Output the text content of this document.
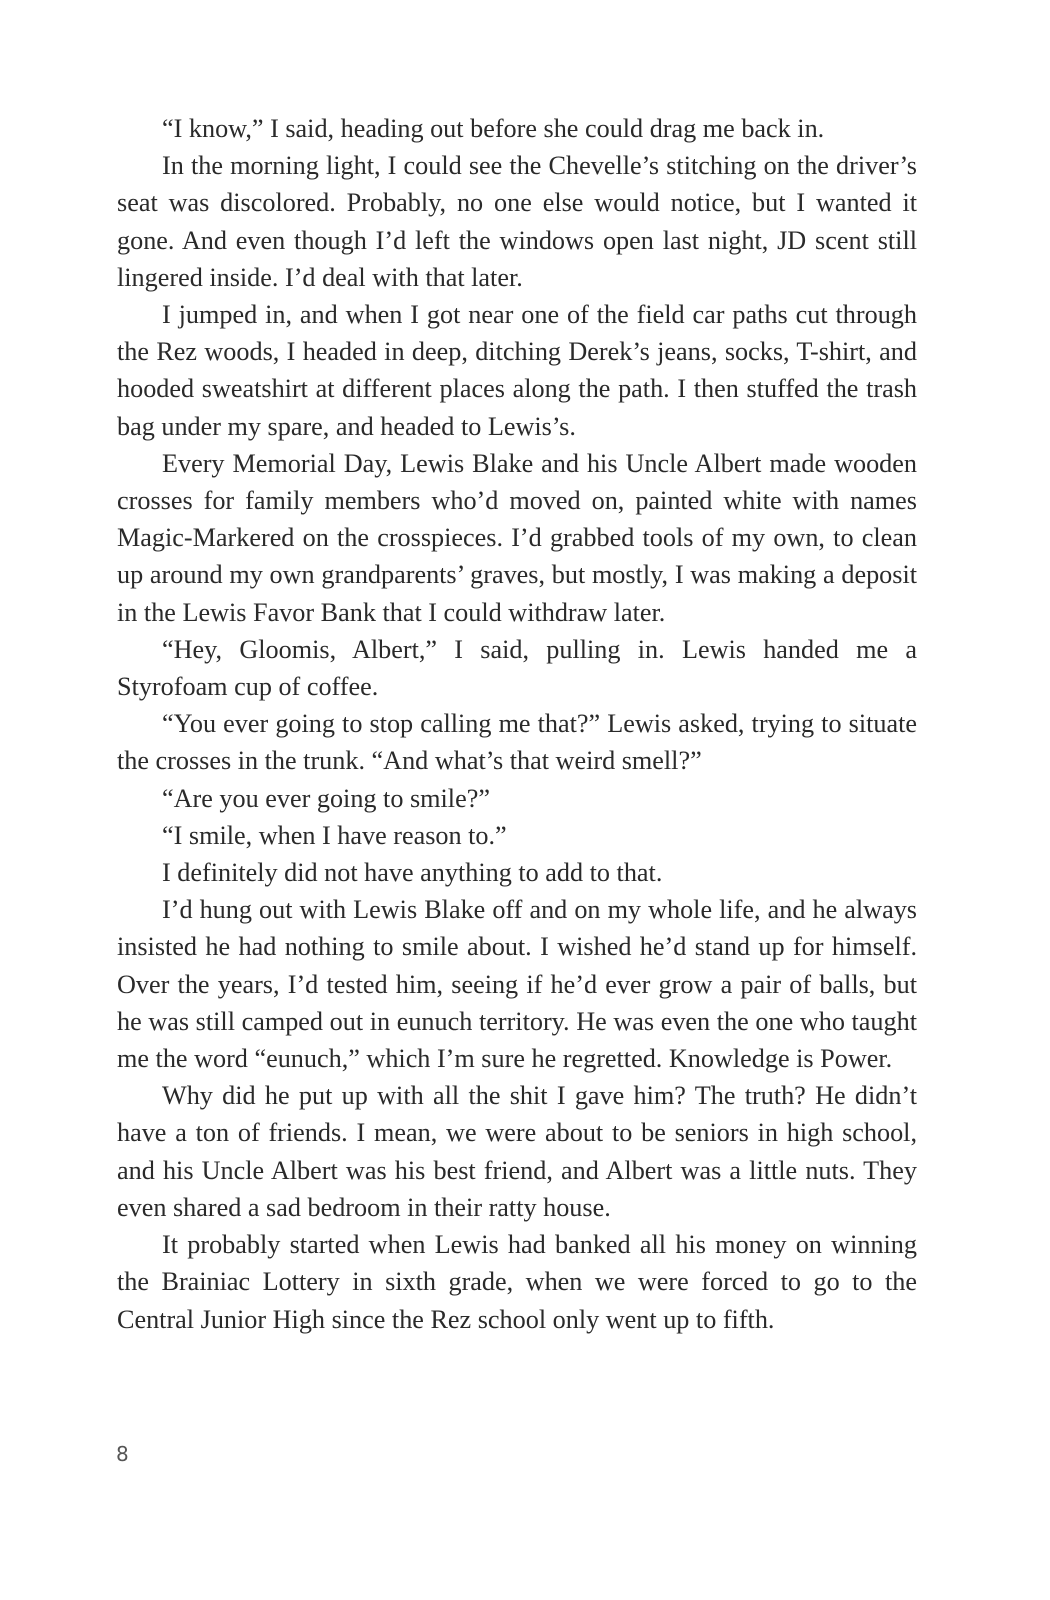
“I know,” I said, heading out before she could drag me back in.

In the morning light, I could see the Chevelle’s stitching on the driver’s seat was discolored. Probably, no one else would notice, but I wanted it gone. And even though I’d left the windows open last night, JD scent still lingered inside. I’d deal with that later.

I jumped in, and when I got near one of the field car paths cut through the Rez woods, I headed in deep, ditching Derek’s jeans, socks, T-shirt, and hooded sweatshirt at different places along the path. I then stuffed the trash bag under my spare, and headed to Lewis’s.

Every Memorial Day, Lewis Blake and his Uncle Albert made wooden crosses for family members who’d moved on, painted white with names Magic-Markered on the crosspieces. I’d grabbed tools of my own, to clean up around my own grandparents’ graves, but mostly, I was making a deposit in the Lewis Favor Bank that I could withdraw later.

“Hey, Gloomis, Albert,” I said, pulling in. Lewis handed me a Styrofoam cup of coffee.

“You ever going to stop calling me that?” Lewis asked, trying to situate the crosses in the trunk. “And what’s that weird smell?”

“Are you ever going to smile?”

“I smile, when I have reason to.”

I definitely did not have anything to add to that.

I’d hung out with Lewis Blake off and on my whole life, and he always insisted he had nothing to smile about. I wished he’d stand up for himself. Over the years, I’d tested him, seeing if he’d ever grow a pair of balls, but he was still camped out in eunuch territory. He was even the one who taught me the word “eunuch,” which I’m sure he regretted. Knowledge is Power.

Why did he put up with all the shit I gave him? The truth? He didn’t have a ton of friends. I mean, we were about to be seniors in high school, and his Uncle Albert was his best friend, and Albert was a little nuts. They even shared a sad bedroom in their ratty house.

It probably started when Lewis had banked all his money on winning the Brainiac Lottery in sixth grade, when we were forced to go to the Central Junior High since the Rez school only went up to fifth.

8
